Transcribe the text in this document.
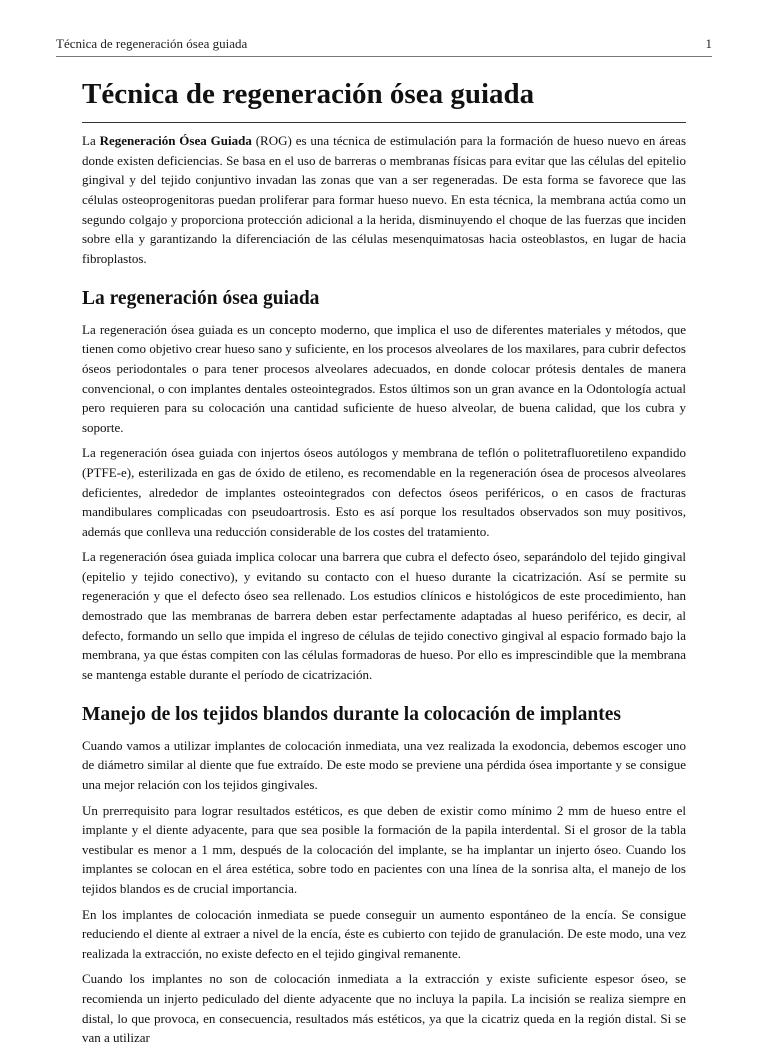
Técnica de regeneración ósea guiada	1
Técnica de regeneración ósea guiada

La Regeneración Ósea Guiada (ROG) es una técnica de estimulación para la formación de hueso nuevo en áreas donde existen deficiencias. Se basa en el uso de barreras o membranas físicas para evitar que las células del epitelio gingival y del tejido conjuntivo invadan las zonas que van a ser regeneradas. De esta forma se favorece que las células osteoprogenitoras puedan proliferar para formar hueso nuevo. En esta técnica, la membrana actúa como un segundo colgajo y proporciona protección adicional a la herida, disminuyendo el choque de las fuerzas que inciden sobre ella y garantizando la diferenciación de las células mesenquimatosas hacia osteoblastos, en lugar de hacia fibroplastos.

La regeneración ósea guiada

La regeneración ósea guiada es un concepto moderno, que implica el uso de diferentes materiales y métodos, que tienen como objetivo crear hueso sano y suficiente, en los procesos alveolares de los maxilares, para cubrir defectos óseos periodontales o para tener procesos alveolares adecuados, en donde colocar prótesis dentales de manera convencional, o con implantes dentales osteointegrados. Estos últimos son un gran avance en la Odontología actual pero requieren para su colocación una cantidad suficiente de hueso alveolar, de buena calidad, que los cubra y soporte.

La regeneración ósea guiada con injertos óseos autólogos y membrana de teflón o politetrafluoretileno expandido (PTFE-e), esterilizada en gas de óxido de etileno, es recomendable en la regeneración ósea de procesos alveolares deficientes, alrededor de implantes osteointegrados con defectos óseos periféricos, o en casos de fracturas mandibulares complicadas con pseudoartrosis. Esto es así porque los resultados observados son muy positivos, además que conlleva una reducción considerable de los costes del tratamiento.

La regeneración ósea guiada implica colocar una barrera que cubra el defecto óseo, separándolo del tejido gingival (epitelio y tejido conectivo), y evitando su contacto con el hueso durante la cicatrización. Así se permite su regeneración y que el defecto óseo sea rellenado. Los estudios clínicos e histológicos de este procedimiento, han demostrado que las membranas de barrera deben estar perfectamente adaptadas al hueso periférico, es decir, al defecto, formando un sello que impida el ingreso de células de tejido conectivo gingival al espacio formado bajo la membrana, ya que éstas compiten con las células formadoras de hueso. Por ello es imprescindible que la membrana se mantenga estable durante el período de cicatrización.

Manejo de los tejidos blandos durante la colocación de implantes

Cuando vamos a utilizar implantes de colocación inmediata, una vez realizada la exodoncia, debemos escoger uno de diámetro similar al diente que fue extraído. De este modo se previene una pérdida ósea importante y se consigue una mejor relación con los tejidos gingivales.

Un prerrequisito para lograr resultados estéticos, es que deben de existir como mínimo 2 mm de hueso entre el implante y el diente adyacente, para que sea posible la formación de la papila interdental. Si el grosor de la tabla vestibular es menor a 1 mm, después de la colocación del implante, se ha implantar un injerto óseo. Cuando los implantes se colocan en el área estética, sobre todo en pacientes con una línea de la sonrisa alta, el manejo de los tejidos blandos es de crucial importancia.

En los implantes de colocación inmediata se puede conseguir un aumento espontáneo de la encía. Se consigue reduciendo el diente al extraer a nivel de la encía, éste es cubierto con tejido de granulación. De este modo, una vez realizada la extracción, no existe defecto en el tejido gingival remanente.

Cuando los implantes no son de colocación inmediata a la extracción y existe suficiente espesor óseo, se recomienda un injerto pediculado del diente adyacente que no incluya la papila. La incisión se realiza siempre en distal, lo que provoca, en consecuencia, resultados más estéticos, ya que la cicatriz queda en la región distal. Si se van a utilizar
